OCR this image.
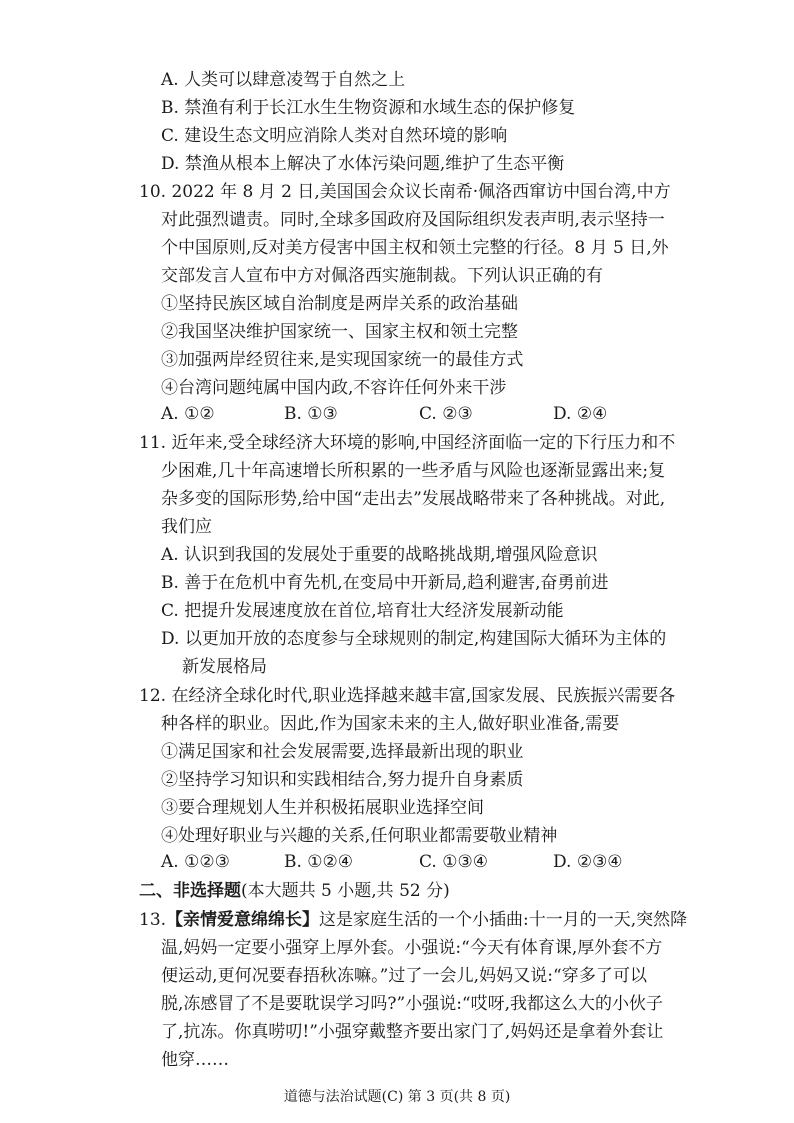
A. 人类可以肆意凌驾于自然之上
B. 禁渔有利于长江水生生物资源和水域生态的保护修复
C. 建设生态文明应消除人类对自然环境的影响
D. 禁渔从根本上解决了水体污染问题,维护了生态平衡
10. 2022 年 8 月 2 日,美国国会众议长南希·佩洛西窜访中国台湾,中方
对此强烈谴责。同时,全球多国政府及国际组织发表声明,表示坚持一
个中国原则,反对美方侵害中国主权和领土完整的行径。8 月 5 日,外
交部发言人宣布中方对佩洛西实施制裁。下列认识正确的有
①坚持民族区域自治制度是两岸关系的政治基础
②我国坚决维护国家统一、国家主权和领土完整
③加强两岸经贸往来,是实现国家统一的最佳方式
④台湾问题纯属中国内政,不容许任何外来干涉
A. ①②	B. ①③	C. ②③	D. ②④
11. 近年来,受全球经济大环境的影响,中国经济面临一定的下行压力和不
少困难,几十年高速增长所积累的一些矛盾与风险也逐渐显露出来;复
杂多变的国际形势,给中国“走出去”发展战略带来了各种挑战。对此,
我们应
A. 认识到我国的发展处于重要的战略挑战期,增强风险意识
B. 善于在危机中育先机,在变局中开新局,趋利避害,奋勇前进
C. 把提升发展速度放在首位,培育壮大经济发展新动能
D. 以更加开放的态度参与全球规则的制定,构建国际大循环为主体的
新发展格局
12. 在经济全球化时代,职业选择越来越丰富,国家发展、民族振兴需要各
种各样的职业。因此,作为国家未来的主人,做好职业准备,需要
①满足国家和社会发展需要,选择最新出现的职业
②坚持学习知识和实践相结合,努力提升自身素质
③要合理规划人生并积极拓展职业选择空间
④处理好职业与兴趣的关系,任何职业都需要敬业精神
A. ①②③	B. ①②④	C. ①③④	D. ②③④
二、非选择题(本大题共 5 小题,共 52 分)
13.【亲情爱意绵绵长】这是家庭生活的一个小插曲:十一月的一天,突然降
温,妈妈一定要小强穿上厚外套。小强说:“今天有体育课,厚外套不方
便运动,更何况要春捂秋冻嘛。”过了一会儿,妈妈又说:“穿多了可以
脱,冻感冒了不是要耽误学习吗?”小强说:“哎呀,我都这么大的小伙子
了,抗冻。你真唠叨!”小强穿戴整齐要出家门了,妈妈还是拿着外套让
他穿……
道德与法治试题(C) 第 3 页(共 8 页)
